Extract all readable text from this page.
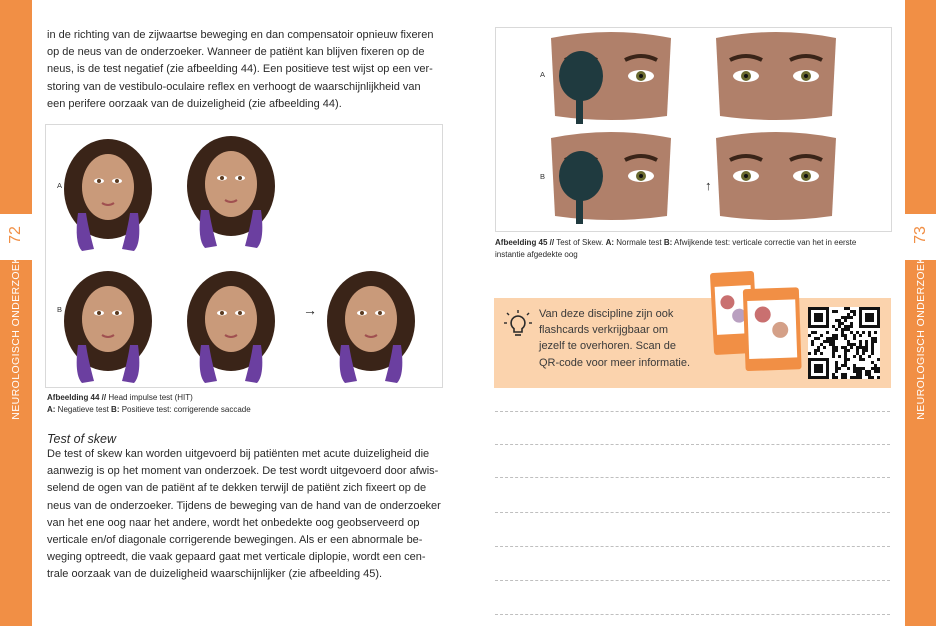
72
NEUROLOGISCH ONDERZOEK
73
NEUROLOGISCH ONDERZOEK
in de richting van de zijwaartse beweging en dan compensatoir opnieuw fixeren
op de neus van de onderzoeker. Wanneer de patiënt kan blijven fixeren op de
neus, is de test negatief (zie afbeelding 44). Een positieve test wijst op een ver-
storing van de vestibulo-oculaire reflex en verhoogt de waarschijnlijkheid van
een perifere oorzaak van de duizeligheid (zie afbeelding 44).
A
B	→
Afbeelding 44 // Head impulse test (HIT)
A: Negatieve test B: Positieve test: corrigerende saccade
Test of skew
De test of skew kan worden uitgevoerd bij patiënten met acute duizeligheid die
aanwezig is op het moment van onderzoek. De test wordt uitgevoerd door afwis-
selend de ogen van de patiënt af te dekken terwijl de patiënt zich fixeert op de
neus van de onderzoeker. Tijdens de beweging van de hand van de onderzoeker
van het ene oog naar het andere, wordt het onbedekte oog geobserveerd op
verticale en/of diagonale corrigerende bewegingen. Als er een abnormale be-
weging optreedt, die vaak gepaard gaat met verticale diplopie, wordt een cen-
trale oorzaak van de duizeligheid waarschijnlijker (zie afbeelding 45).
A
B
↑
Afbeelding 45 // Test of Skew. A: Normale test B: Afwijkende test: verticale correctie van het in eerste
instantie afgedekte oog
Van deze discipline zijn ook
flashcards verkrijgbaar om
jezelf te overhoren. Scan de
QR-code voor meer informatie.
